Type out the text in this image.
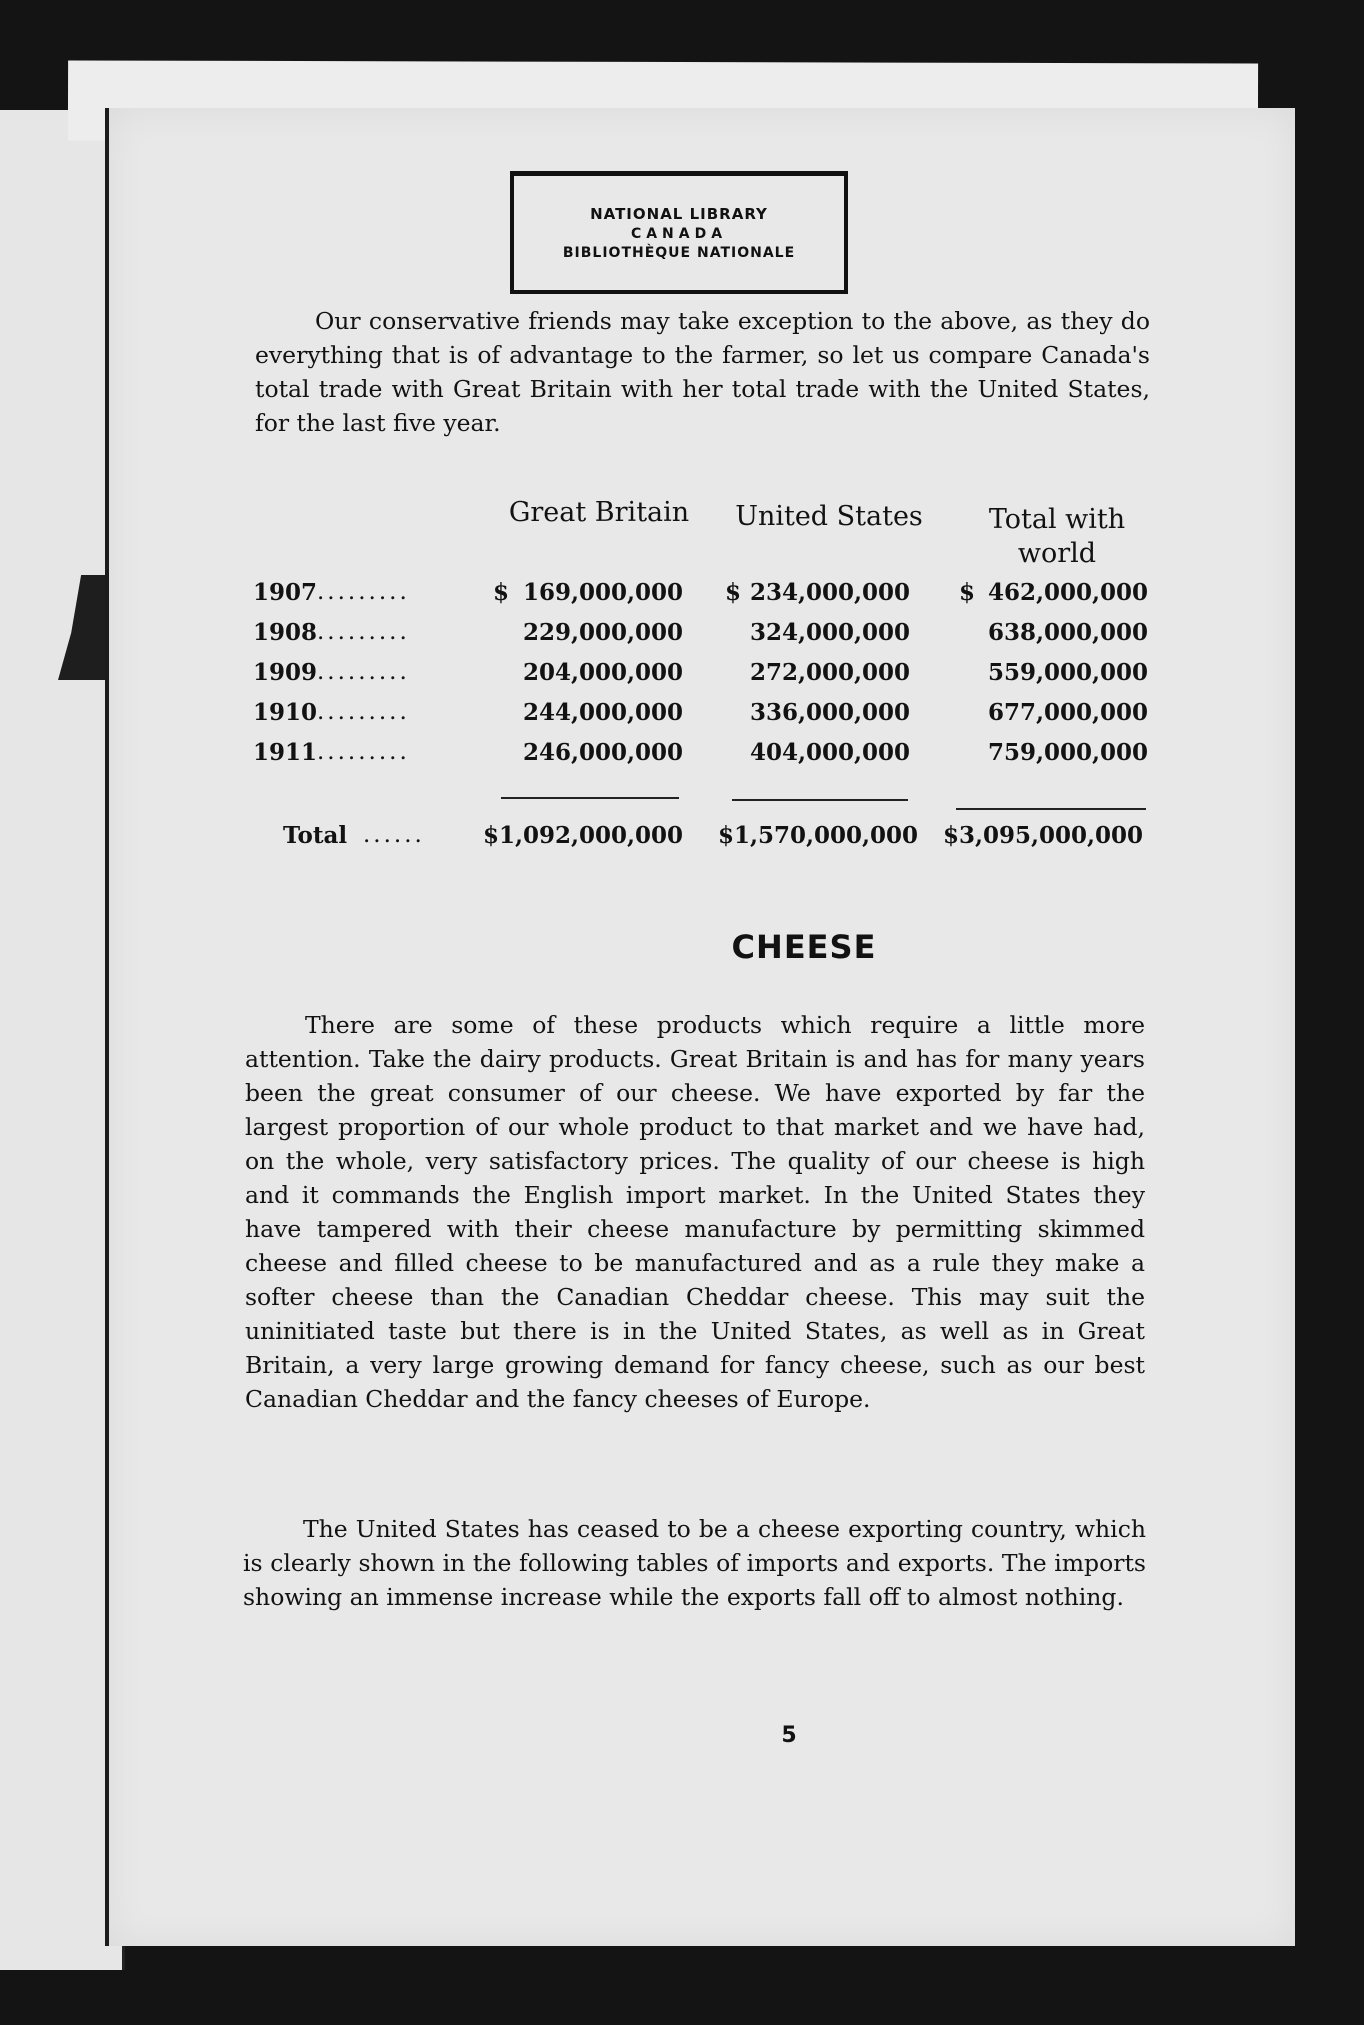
NATIONAL LIBRARY
CANADA
BIBLIOTHÈQUE NATIONALE

Our conservative friends may take exception to the above, as they do everything that is of advantage to the farmer, so let us compare Canada's total trade with Great Britain with her total trade with the United States, for the last five year.

Great Britain	United States	Total with world
1907 .........	$ 169,000,000 $ 234,000,000 $ 462,000,000
1908 .........	229,000,000	324,000,000	638,000,000
1909 .........	204,000,000	272,000,000	559,000,000
1910 .........	244,000,000	336,000,000	677,000,000
1911 .........	246,000,000	404,000,000	759,000,000
Total ......	$1,092,000,000 $1,570,000,000 $3,095,000,000
CHEESE

There are some of these products which require a little more attention. Take the dairy products. Great Britain is and has for many years been the great consumer of our cheese. We have exported by far the largest proportion of our whole product to that market and we have had, on the whole, very satisfactory prices. The quality of our cheese is high and it commands the English import market. In the United States they have tampered with their cheese manufacture by permitting skimmed cheese and filled cheese to be manufactured and as a rule they make a softer cheese than the Canadian Cheddar cheese. This may suit the uninitiated taste but there is in the United States, as well as in Great Britain, a very large growing demand for fancy cheese, such as our best Canadian Cheddar and the fancy cheeses of Europe.

The United States has ceased to be a cheese exporting country, which is clearly shown in the following tables of imports and exports. The imports showing an immense increase while the exports fall off to almost nothing.

5
